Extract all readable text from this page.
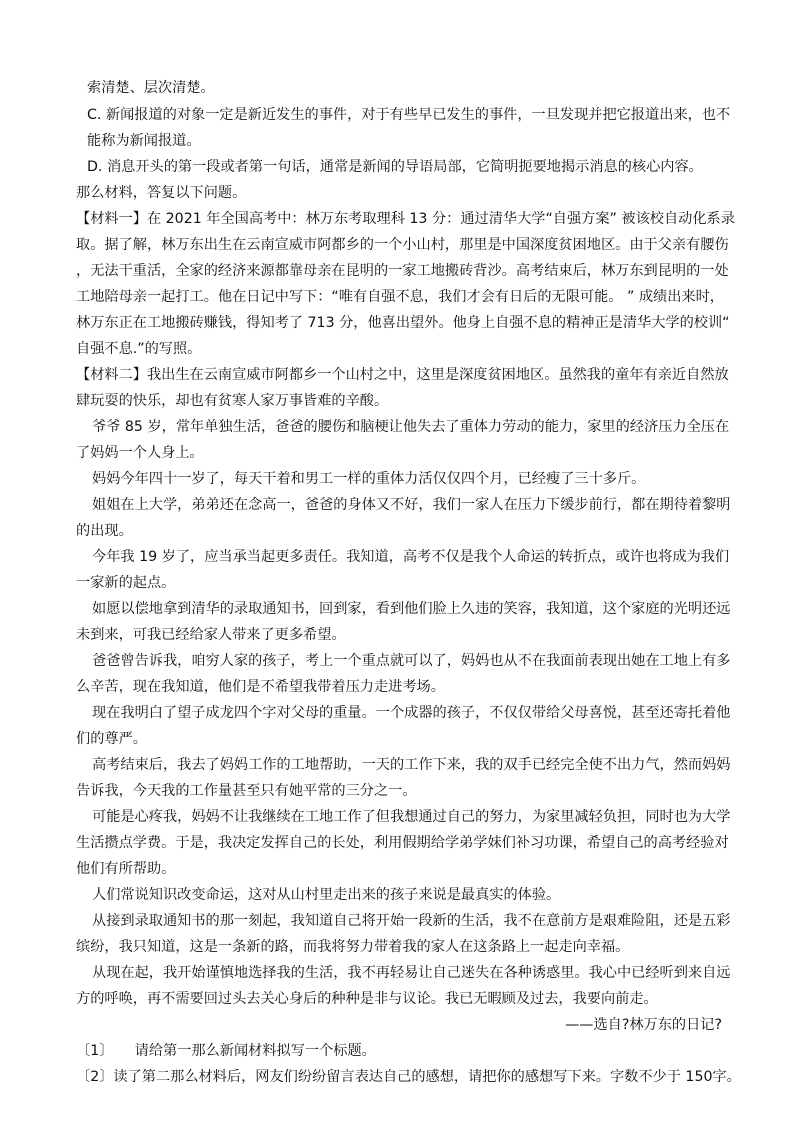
索清楚、层次清楚。
C. 新闻报道的对象一定是新近发生的事件，对于有些早已发生的事件，一旦发现并把它报道出来，也不
能称为新闻报道。
D. 消息开头的第一段或者第一句话，通常是新闻的导语局部，它简明扼要地揭示消息的核心内容。
那么材料，答复以下问题。
【材料一】在 2021 年全国高考中：林万东考取理科 13 分：通过清华大学“自强方案” 被该校自动化系录
取。据了解，林万东出生在云南宣威市阿都乡的一个小山村，那里是中国深度贫困地区。由于父亲有腰伤
，无法干重活，全家的经济来源都靠母亲在昆明的一家工地搬砖背沙。高考结束后，林万东到昆明的一处
工地陪母亲一起打工。他在日记中写下：“唯有自强不息，我们才会有日后的无限可能。 ” 成绩出来时，
林万东正在工地搬砖赚钱，得知考了 713 分，他喜出望外。他身上自强不息的精神正是清华大学的校训“
自强不息.”的写照。
【材料二】我出生在云南宣威市阿都乡一个山村之中，这里是深度贫困地区。虽然我的童年有亲近自然放
肆玩耍的快乐，却也有贫寒人家万事皆难的辛酸。
爷爷 85 岁，常年单独生活，爸爸的腰伤和脑梗让他失去了重体力劳动的能力，家里的经济压力全压在
了妈妈一个人身上。
妈妈今年四十一岁了，每天干着和男工一样的重体力活仅仅四个月，已经瘦了三十多斤。
姐姐在上大学，弟弟还在念高一，爸爸的身体又不好，我们一家人在压力下缓步前行，都在期待着黎明
的出现。
今年我 19 岁了，应当承当起更多责任。我知道，高考不仅是我个人命运的转折点，或许也将成为我们
一家新的起点。
如愿以偿地拿到清华的录取通知书，回到家，看到他们脸上久违的笑容，我知道，这个家庭的光明还远
未到来，可我已经给家人带来了更多希望。
爸爸曾告诉我，咱穷人家的孩子，考上一个重点就可以了，妈妈也从不在我面前表现出她在工地上有多
么辛苦，现在我知道，他们是不希望我带着压力走进考场。
现在我明白了望子成龙四个字对父母的重量。一个成器的孩子，不仅仅带给父母喜悦，甚至还寄托着他
们的尊严。
高考结束后，我去了妈妈工作的工地帮助，一天的工作下来，我的双手已经完全使不出力气，然而妈妈
告诉我，今天我的工作量甚至只有她平常的三分之一。
可能是心疼我，妈妈不让我继续在工地工作了但我想通过自己的努力，为家里减轻负担，同时也为大学
生活攒点学费。于是，我决定发挥自己的长处，利用假期给学弟学妹们补习功课，希望自己的高考经验对
他们有所帮助。
人们常说知识改变命运，这对从山村里走出来的孩子来说是最真实的体验。
从接到录取通知书的那一刻起，我知道自己将开始一段新的生活，我不在意前方是艰难险阻，还是五彩
缤纷，我只知道，这是一条新的路，而我将努力带着我的家人在这条路上一起走向幸福。
从现在起，我开始谨慎地选择我的生活，我不再轻易让自己迷失在各种诱惑里。我心中已经听到来自远
方的呼唤，再不需要回过头去关心身后的种种是非与议论。我已无暇顾及过去，我要向前走。
——选自?林万东的日记?
〔1〕　　请给第一那么新闻材料拟写一个标题。
〔2〕读了第二那么材料后，网友们纷纷留言表达自己的感想，请把你的感想写下来。字数不少于 150字。
